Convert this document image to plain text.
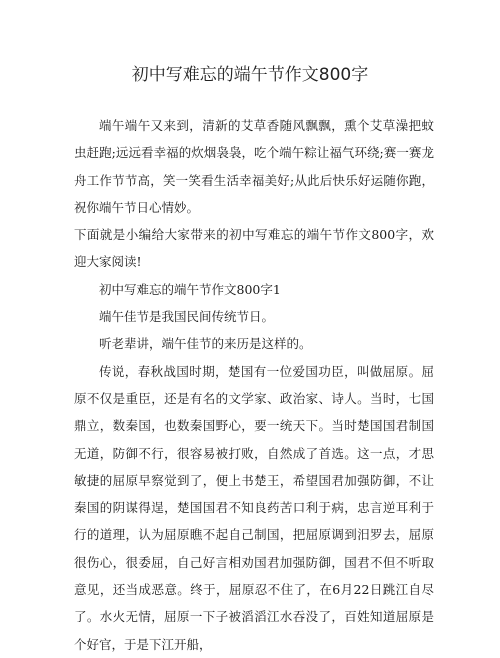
初中写难忘的端午节作文800字

端午端午又来到，清新的艾草香随风飘飘，熏个艾草澡把蚊虫赶跑;远远看幸福的炊烟袅袅，吃个端午粽让福气环绕;赛一赛龙舟工作节节高，笑一笑看生活幸福美好;从此后快乐好运随你跑，祝你端午节日心情妙。

下面就是小编给大家带来的初中写难忘的端午节作文800字，欢迎大家阅读!

初中写难忘的端午节作文800字1

端午佳节是我国民间传统节日。

听老辈讲，端午佳节的来历是这样的。

传说，春秋战国时期，楚国有一位爱国功臣，叫做屈原。屈原不仅是重臣，还是有名的文学家、政治家、诗人。当时，七国鼎立，数秦国，也数秦国野心，要一统天下。当时楚国国君制国无道，防御不行，很容易被打败，自然成了首选。这一点，才思敏捷的屈原早察觉到了，便上书楚王，希望国君加强防御，不让秦国的阴谋得逞，楚国国君不知良药苦口利于病，忠言逆耳利于行的道理，认为屈原瞧不起自己制国，把屈原调到汨罗去，屈原很伤心，很委屈，自己好言相劝国君加强防御，国君不但不听取意见，还当成恶意。终于，屈原忍不住了，在6月22日跳江自尽了。水火无情，屈原一下子被滔滔江水吞没了，百姓知道屈原是个好官，于是下江开船，
